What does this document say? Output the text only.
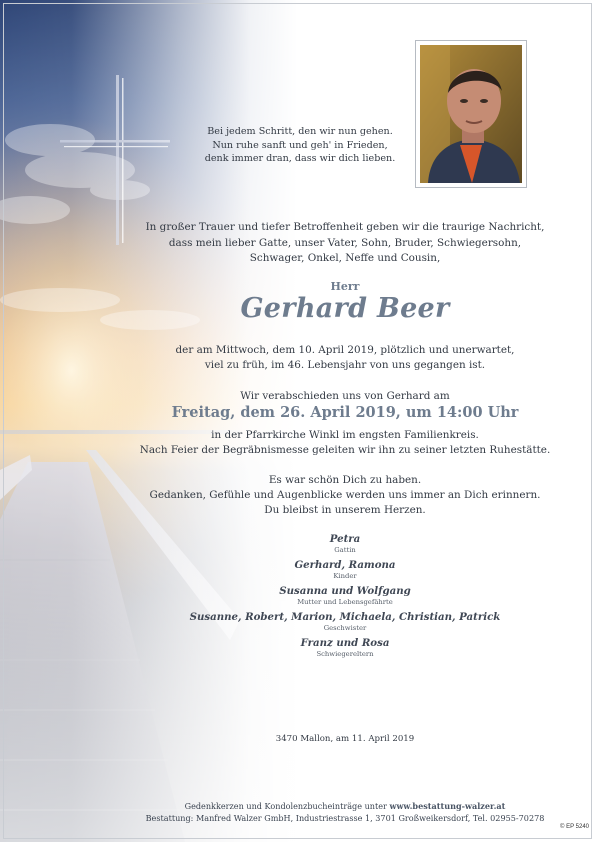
Bei jedem Schritt, den wir nun gehen.
Nun ruhe sanft und geh' in Frieden,
denk immer dran, dass wir dich lieben.
In großer Trauer und tiefer Betroffenheit geben wir die traurige Nachricht,
dass mein lieber Gatte, unser Vater, Sohn, Bruder, Schwiegersohn,
Schwager, Onkel, Neffe und Cousin,
Herr
Gerhard Beer
der am Mittwoch, dem 10. April 2019, plötzlich und unerwartet,
viel zu früh, im 46. Lebensjahr von uns gegangen ist.
Wir verabschieden uns von Gerhard am
Freitag, dem 26. April 2019, um 14:00 Uhr
in der Pfarrkirche Winkl im engsten Familienkreis.
Nach Feier der Begräbnismesse geleiten wir ihn zu seiner letzten Ruhestätte.
Es war schön Dich zu haben.
Gedanken, Gefühle und Augenblicke werden uns immer an Dich erinnern.
Du bleibst in unserem Herzen.
Petra
Gattin
Gerhard, Ramona
Kinder
Susanna und Wolfgang
Mutter und Lebensgefährte
Susanne, Robert, Marion, Michaela, Christian, Patrick
Geschwister
Franz und Rosa
Schwiegereltern
3470 Mallon, am 11. April 2019
Gedenkkerzen und Kondolenzbucheinträge unter www.bestattung-walzer.at
Bestattung: Manfred Walzer GmbH, Industriestrasse 1, 3701 Großweikersdorf, Tel. 02955-70278
© EP 5240
